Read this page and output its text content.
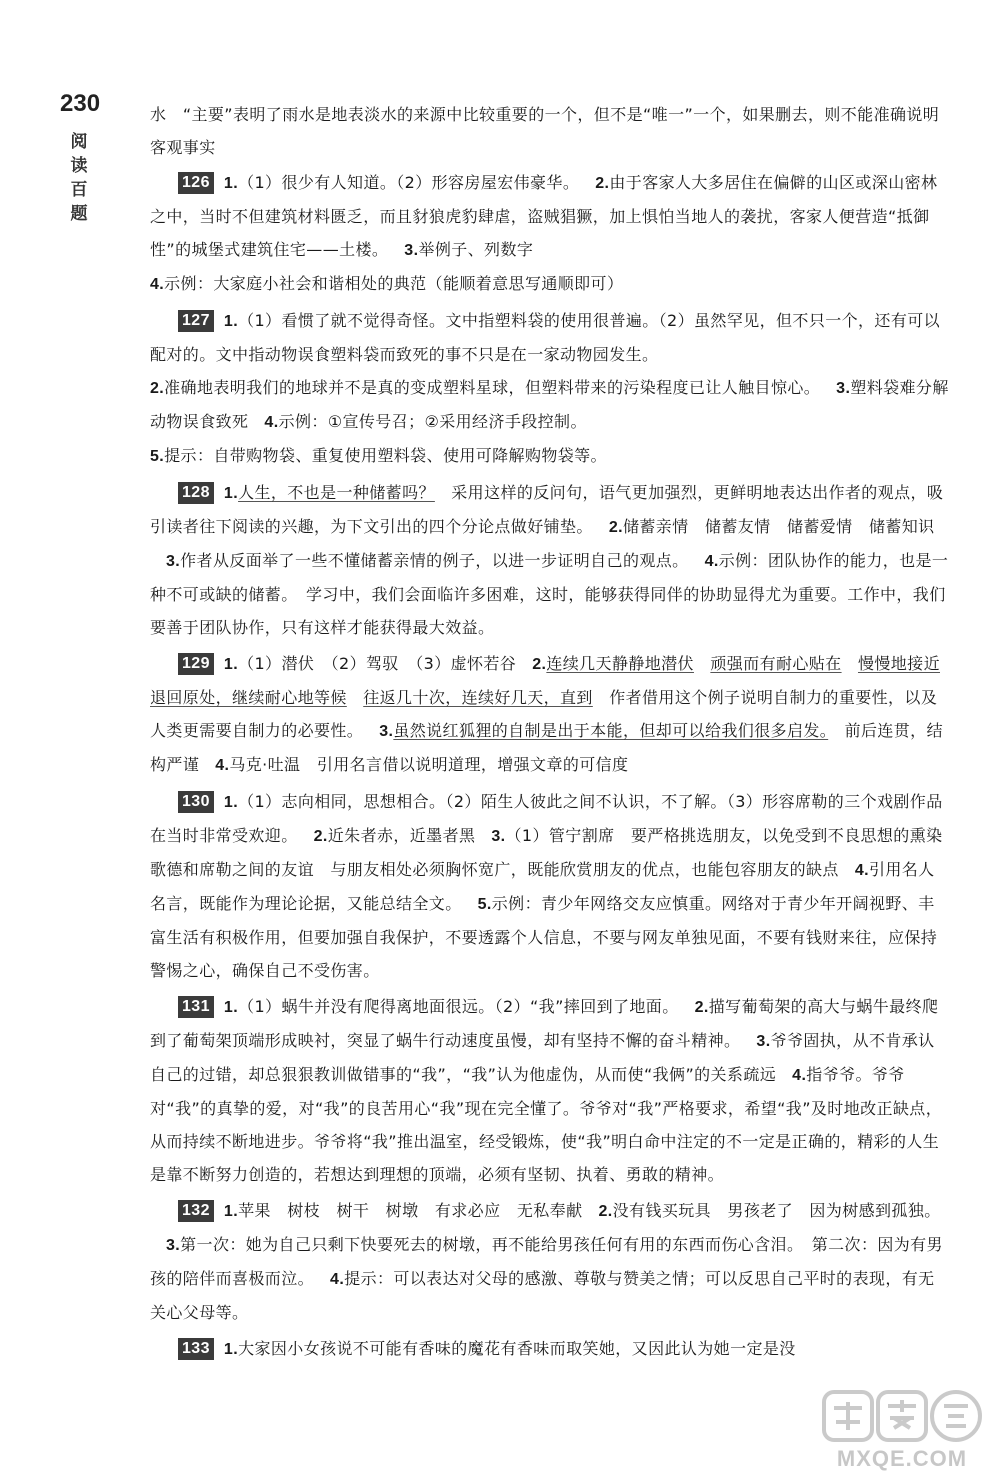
230
阅
读
百
题

水　 “主要”表明了雨水是地表淡水的来源中比较重要的一个，但不是“唯一”一个，如果删去，则不能准确说明客观事实

126 1.（1）很少有人知道。（2）形容房屋宏伟豪华。 2.由于客家人大多居住在偏僻的山区或深山密林之中，当时不但建筑材料匮乏，而且豺狼虎豹肆虐，盗贼猖獗，加上惧怕当地人的袭扰，客家人便营造“抵御性”的城堡式建筑住宅——土楼。 3.举例子、列数字
4.示例：大家庭小社会和谐相处的典范（能顺着意思写通顺即可）

127 1.（1）看惯了就不觉得奇怪。文中指塑料袋的使用很普遍。（2）虽然罕见，但不只一个，还有可以配对的。文中指动物误食塑料袋而致死的事不只是在一家动物园发生。
2.准确地表明我们的地球并不是真的变成塑料星球，但塑料带来的污染程度已让人触目惊心。 3.塑料袋难分解　动物误食致死 4.示例：①宣传号召；②采用经济手段控制。
5.提示：自带购物袋、重复使用塑料袋、使用可降解购物袋等。

128 1.人生，不也是一种储蓄吗？　采用这样的反问句，语气更加强烈，更鲜明地表达出作者的观点，吸引读者往下阅读的兴趣，为下文引出的四个分论点做好铺垫。 2.储蓄亲情　储蓄友情　储蓄爱情　储蓄知识3.作者从反面举了一些不懂储蓄亲情的例子，以进一步证明自己的观点。 4.示例：团队协作的能力，也是一种不可或缺的储蓄。　学习中，我们会面临许多困难，这时，能够获得同伴的协助显得尤为重要。工作中，我们要善于团队协作，只有这样才能获得最大效益。

129 1.（1）潜伏　（2）驾驭　（3）虚怀若谷 2.连续几天静静地潜伏　 顽强而有耐心贴在　 慢慢地接近　退回原处，继续耐心地等候　 往返几十次，连续好几天，直到　 作者借用这个例子说明自制力的重要性，以及人类更需要自制力的必要性。 3.虽然说红狐狸的自制是出于本能，但却可以给我们很多启发。　 前后连贯，结构严谨 4.马克·吐温　引用名言借以说明道理，增强文章的可信度

130 1.（1）志向相同，思想相合。（2）陌生人彼此之间不认识，不了解。（3）形容席勒的三个戏剧作品在当时非常受欢迎。 2.近朱者赤，近墨者黑 3.（1）管宁割席　要严格挑选朋友，以免受到不良思想的熏染　歌德和席勒之间的友谊　与朋友相处必须胸怀宽广，既能欣赏朋友的优点，也能包容朋友的缺点 4.引用名人名言，既能作为理论论据，又能总结全文。 5.示例：青少年网络交友应慎重。网络对于青少年开阔视野、丰富生活有积极作用，但要加强自我保护，不要透露个人信息，不要与网友单独见面，不要有钱财来往，应保持警惕之心，确保自己不受伤害。

131 1.（1）蜗牛并没有爬得离地面很远。（2）“我”摔回到了地面。 2.描写葡萄架的高大与蜗牛最终爬到了葡萄架顶端形成映衬，突显了蜗牛行动速度虽慢，却有坚持不懈的奋斗精神。 3.爷爷固执，从不肯承认自己的过错，却总狠狠教训做错事的“我”，“我”认为他虚伪，从而使“我俩”的关系疏远 4.指爷爷。爷爷对“我”的真挚的爱，对“我”的良苦用心“我”现在完全懂了。爷爷对“我”严格要求，希望“我”及时地改正缺点，从而持续不断地进步。爷爷将“我”推出温室，经受锻炼，使“我”明白命中注定的不一定是正确的，精彩的人生是靠不断努力创造的，若想达到理想的顶端，必须有坚韧、执着、勇敢的精神。

132 1.苹果　树枝　树干　树墩　有求必应　无私奉献 2.没有钱买玩具　男孩老了　因为树感到孤独。3.第一次：她为自己只剩下快要死去的树墩，再不能给男孩任何有用的东西而伤心含泪。　第二次：因为有男孩的陪伴而喜极而泣。 4.提示：可以表达对父母的感激、尊敬与赞美之情；可以反思自己平时的表现，有无关心父母等。

133 1.大家因小女孩说不可能有香味的魔花有香味而取笑她，又因此认为她一定是没

MXQE.COM
